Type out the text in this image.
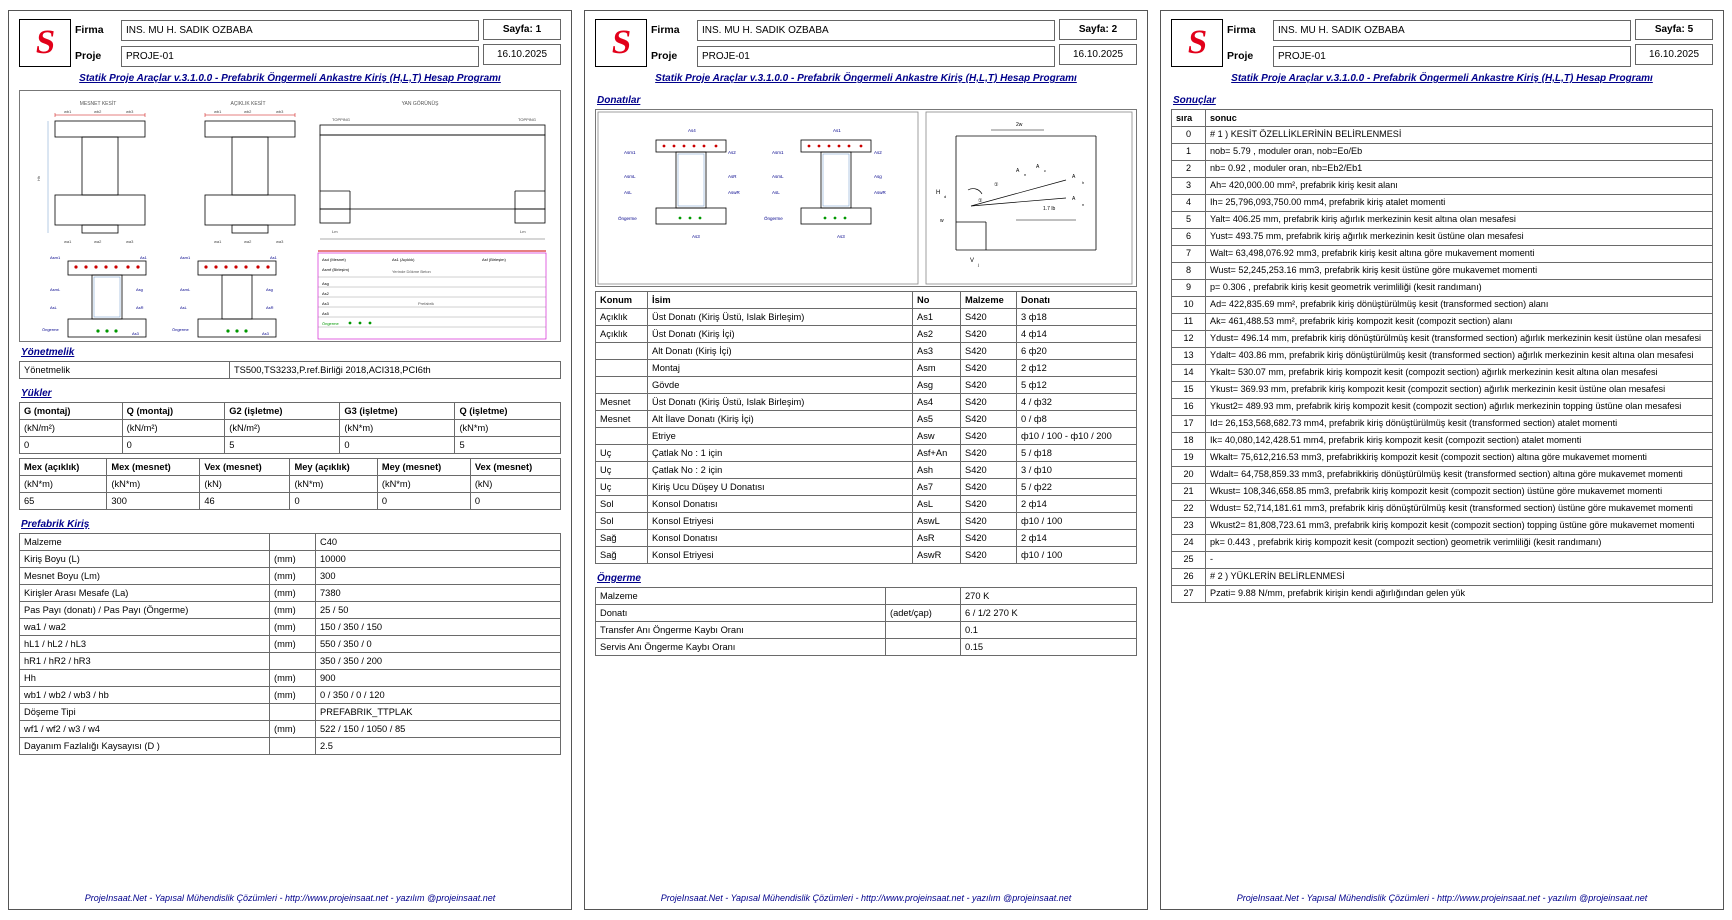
S Firma	INS. MU H. SADIK OZBABA
Proje	PROJE-01
Sayfa: 1
16.10.2025
Statik Proje Araçlar v.3.1.0.0 - Prefabrik Öngermeli Ankastre Kiriş (H,L,T) Hesap Programı
MESNET KESİT	AÇIKLIK KESİT	YAN GÖRÜNÜŞ
wb1	wb2	wb3
wa1	wa2	wa3
Hh
wb1	wb2	wb3
wa1	wa2	wa3
TOPPING
Lm	Lm
TOPPING
Asm1	As1
AsmL	Asg
AsL	AsR
Öngerme
As3
Asm1	As1
AsmL	Asg
AsL	AsR
Öngerme
As3
Asd (Mesnet)	As1 (Açıklık)	Asf (Birleşim)
Asmf (Birleşim)	Yerinde Dökme Beton
Asg
As2
As3
As5
Prefabrik
Öngerme
Yönetmelik
Yönetmelik	TS500,TS3233,P.ref.Birliği 2018,ACI318,PCI6th
Yükler
G (montaj)	Q (montaj)	G2 (işletme)	G3 (işletme)	Q (işletme)
(kN/m²)	(kN/m²)	(kN/m²)	(kN*m)	(kN*m)
0	0	5	0	5
Mex (açıklık)	Mex (mesnet)	Vex (mesnet)	Mey (açıklık)	Mey (mesnet)	Vex (mesnet)
(kN*m)	(kN*m)	(kN)	(kN*m)	(kN*m)	(kN)
65	300	46	0	0	0
Prefabrik Kiriş
Malzeme		C40
Kiriş Boyu (L)	(mm)	10000
Mesnet Boyu (Lm)	(mm)	300
Kirişler Arası Mesafe (La)	(mm)	7380
Pas Payı (donatı) / Pas Payı (Öngerme)	(mm)	25 / 50
wa1 / wa2	(mm)	150 / 350 / 150
hL1 / hL2 / hL3	(mm)	550 / 350 / 0
hR1 / hR2 / hR3		350 / 350 / 200
Hh	(mm)	900
wb1 / wb2 / wb3 / hb	(mm)	0 / 350 / 0 / 120
Döşeme Tipi		PREFABRIK_TTPLAK
wf1 / wf2 / w3 / w4	(mm)	522 / 150 / 1050 / 85
Dayanım Fazlalığı Kaysayısı (D )		2.5
ProjeInsaat.Net - Yapısal Mühendislik Çözümleri - http://www.projeinsaat.net - yazılım @projeinsaat.net
S Firma	INS. MU H. SADIK OZBABA
Proje	PROJE-01
Sayfa: 2
16.10.2025
Statik Proje Araçlar v.3.1.0.0 - Prefabrik Öngermeli Ankastre Kiriş (H,L,T) Hesap Programı
Donatılar
As4
Asm1	As2
AsmL	AsR
AsL	AswR
Öngerme
As3
As1
Asm1	As2
AsmL	Asg
AsL	AswR
Öngerme
As3
2w
1.7 lb
A
h
A
n
A
n
A
c
H
d
w
V
j
①
①
Konum	İsim	No	Malzeme	Donatı
Açıklık	Üst Donatı (Kiriş Üstü, Islak Birleşim)	As1	S420	3 ф18
Açıklık	Üst Donatı (Kiriş İçi)	As2	S420	4 ф14
	Alt Donatı (Kiriş İçi)	As3	S420	6 ф20
	Montaj	Asm	S420	2 ф12
	Gövde	Asg	S420	5 ф12
Mesnet	Üst Donatı (Kiriş Üstü, Islak Birleşim)	As4	S420	4 / ф32
Mesnet	Alt İlave Donatı (Kiriş İçi)	As5	S420	0 / ф8
	Etriye	Asw	S420	ф10 / 100 - ф10 / 200
Uç	Çatlak No : 1 için	Asf+An	S420	5 / ф18
Uç	Çatlak No : 2 için	Ash	S420	3 / ф10
Uç	Kiriş Ucu Düşey U Donatısı	As7	S420	5 / ф22
Sol	Konsol Donatısı	AsL	S420	2 ф14
Sol	Konsol Etriyesi	AswL	S420	ф10 / 100
Sağ	Konsol Donatısı	AsR	S420	2 ф14
Sağ	Konsol Etriyesi	AswR	S420	ф10 / 100
Öngerme
Malzeme		270 K
Donatı	(adet/çap)	6 / 1/2 270 K
Transfer Anı Öngerme Kaybı Oranı		0.1
Servis Anı Öngerme Kaybı Oranı		0.15
ProjeInsaat.Net - Yapısal Mühendislik Çözümleri - http://www.projeinsaat.net - yazılım @projeinsaat.net
S Firma	INS. MU H. SADIK OZBABA
Proje	PROJE-01
Sayfa: 5
16.10.2025
Statik Proje Araçlar v.3.1.0.0 - Prefabrik Öngermeli Ankastre Kiriş (H,L,T) Hesap Programı
Sonuçlar
sıra	sonuc
0	# 1 ) KESİT ÖZELLİKLERİNİN BELİRLENMESİ
1	nob= 5.79 , moduler oran, nob=Eo/Eb
2	nb= 0.92 , moduler oran, nb=Eb2/Eb1
3	Ah= 420,000.00 mm², prefabrik kiriş kesit alanı
4	Ih= 25,796,093,750.00 mm4, prefabrik kiriş atalet momenti
5	Yalt= 406.25 mm, prefabrik kiriş ağırlık merkezinin kesit altına olan mesafesi
6	Yust= 493.75 mm, prefabrik kiriş ağırlık merkezinin kesit üstüne olan mesafesi
7	Walt= 63,498,076.92 mm3, prefabrik kiriş kesit altına göre mukavement momenti
8	Wust= 52,245,253.16 mm3, prefabrik kiriş kesit üstüne göre mukavemet momenti
9	p= 0.306 , prefabrik kiriş kesit geometrik verimliliği (kesit randımanı)
10	Ad= 422,835.69 mm², prefabrik kiriş dönüştürülmüş kesit (transformed section) alanı
11	Ak= 461,488.53 mm², prefabrik kiriş kompozit kesit (compozit section) alanı
12	Ydust= 496.14 mm, prefabrik kiriş dönüştürülmüş kesit (transformed section) ağırlık merkezinin kesit üstüne olan mesafesi
13	Ydalt= 403.86 mm, prefabrik kiriş dönüştürülmüş kesit (transformed section) ağırlık merkezinin kesit altına olan mesafesi
14	Ykalt= 530.07 mm, prefabrik kiriş kompozit kesit (compozit section) ağırlık merkezinin kesit altına olan mesafesi
15	Ykust= 369.93 mm, prefabrik kiriş kompozit kesit (compozit section) ağırlık merkezinin kesit üstüne olan mesafesi
16	Ykust2= 489.93 mm, prefabrik kiriş kompozit kesit (compozit section) ağırlık merkezinin topping üstüne olan mesafesi
17	Id= 26,153,568,682.73 mm4, prefabrik kiriş dönüştürülmüş kesit (transformed section) atalet momenti
18	Ik= 40,080,142,428.51 mm4, prefabrik kiriş kompozit kesit (compozit section) atalet momenti
19	Wkalt= 75,612,216.53 mm3, prefabrikkiriş kompozit kesit (compozit section) altına göre mukavemet momenti
20	Wdalt= 64,758,859.33 mm3, prefabrikkiriş dönüştürülmüş kesit (transformed section) altına göre mukavemet momenti
21	Wkust= 108,346,658.85 mm3, prefabrik kiriş kompozit kesit (compozit section) üstüne göre mukavemet momenti
22	Wdust= 52,714,181.61 mm3, prefabrik kiriş dönüştürülmüş kesit (transformed section) üstüne göre mukavemet momenti
23	Wkust2= 81,808,723.61 mm3, prefabrik kiriş kompozit kesit (compozit section) topping üstüne göre mukavemet momenti
24	pk= 0.443 , prefabrik kiriş kompozit kesit (compozit section) geometrik verimliliği (kesit randımanı)
25	-
26	# 2 ) YÜKLERİN BELİRLENMESİ
27	Pzati= 9.88 N/mm, prefabrik kirişin kendi ağırlığından gelen yük
ProjeInsaat.Net - Yapısal Mühendislik Çözümleri - http://www.projeinsaat.net - yazılım @projeinsaat.net
